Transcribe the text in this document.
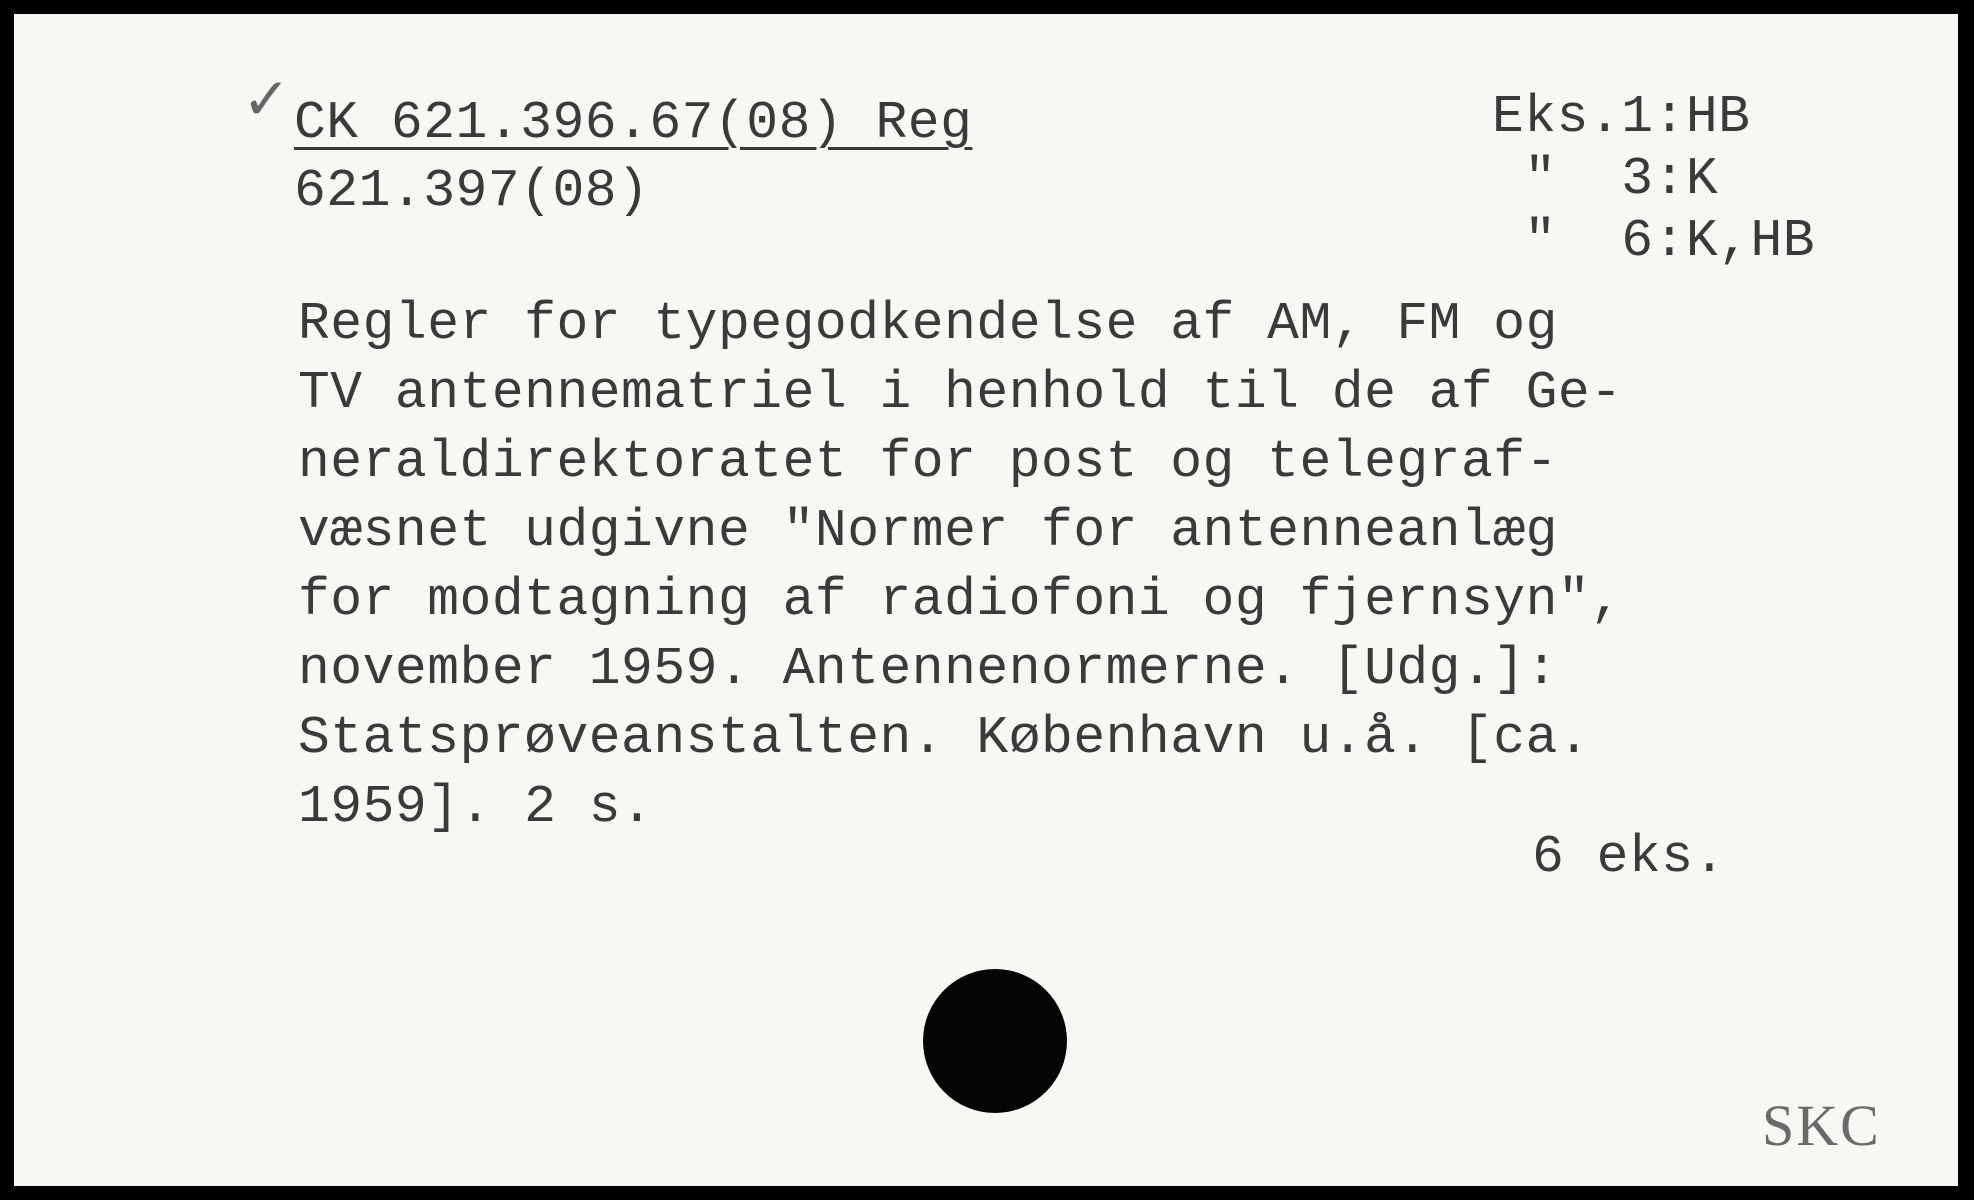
✓ CK 621.396.67(08) Reg
621.397(08)
Eks.1:HB
"  3:K
"  6:K,HB
Regler for typegodkendelse af AM, FM og
TV antennematriel i henhold til de af Ge-
neraldirektoratet for post og telegraf-
væsnet udgivne "Normer for antenneanlæg
for modtagning af radiofoni og fjernsyn",
november 1959. Antennenormerne. [Udg.]:
Statsprøveanstalten. København u.å. [ca.
1959]. 2 s.
6 eks.
SKC
